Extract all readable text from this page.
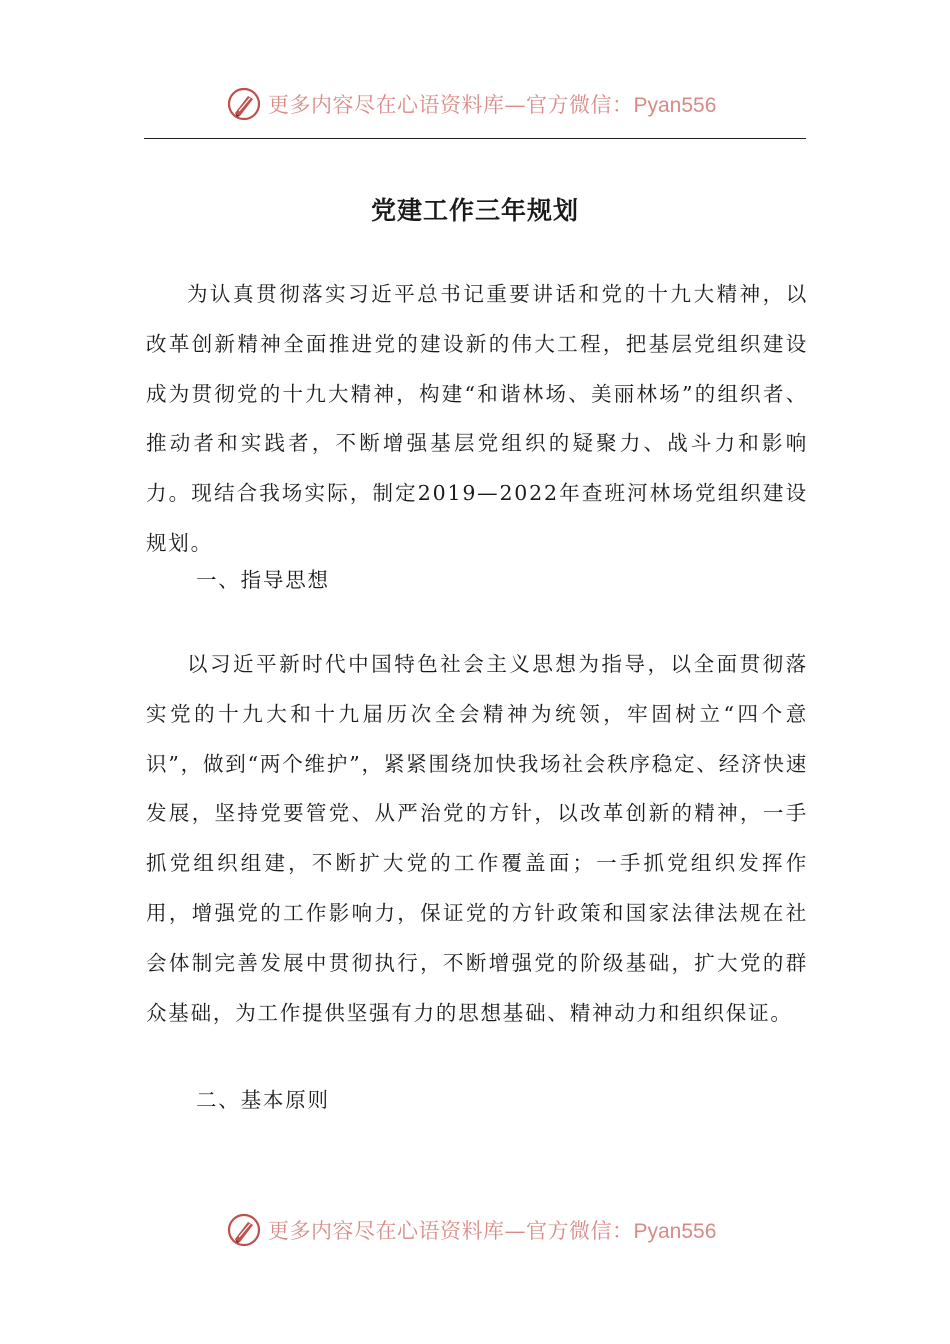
更多内容尽在心语资料库—官方微信：Pyan556
党建工作三年规划
为认真贯彻落实习近平总书记重要讲话和党的十九大精神，以改革创新精神全面推进党的建设新的伟大工程，把基层党组织建设成为贯彻党的十九大精神，构建“和谐林场、美丽林场”的组织者、推动者和实践者，不断增强基层党组织的疑聚力、战斗力和影响力。现结合我场实际，制定2019—2022年查班河林场党组织建设规划。
一、指导思想
以习近平新时代中国特色社会主义思想为指导，以全面贯彻落实党的十九大和十九届历次全会精神为统领，牢固树立“四个意识”，做到“两个维护”，紧紧围绕加快我场社会秩序稳定、经济快速发展，坚持党要管党、从严治党的方针，以改革创新的精神，一手抓党组织组建，不断扩大党的工作覆盖面；一手抓党组织发挥作用，增强党的工作影响力，保证党的方针政策和国家法律法规在社会体制完善发展中贯彻执行，不断增强党的阶级基础，扩大党的群众基础，为工作提供坚强有力的思想基础、精神动力和组织保证。
二、基本原则
更多内容尽在心语资料库—官方微信：Pyan556
